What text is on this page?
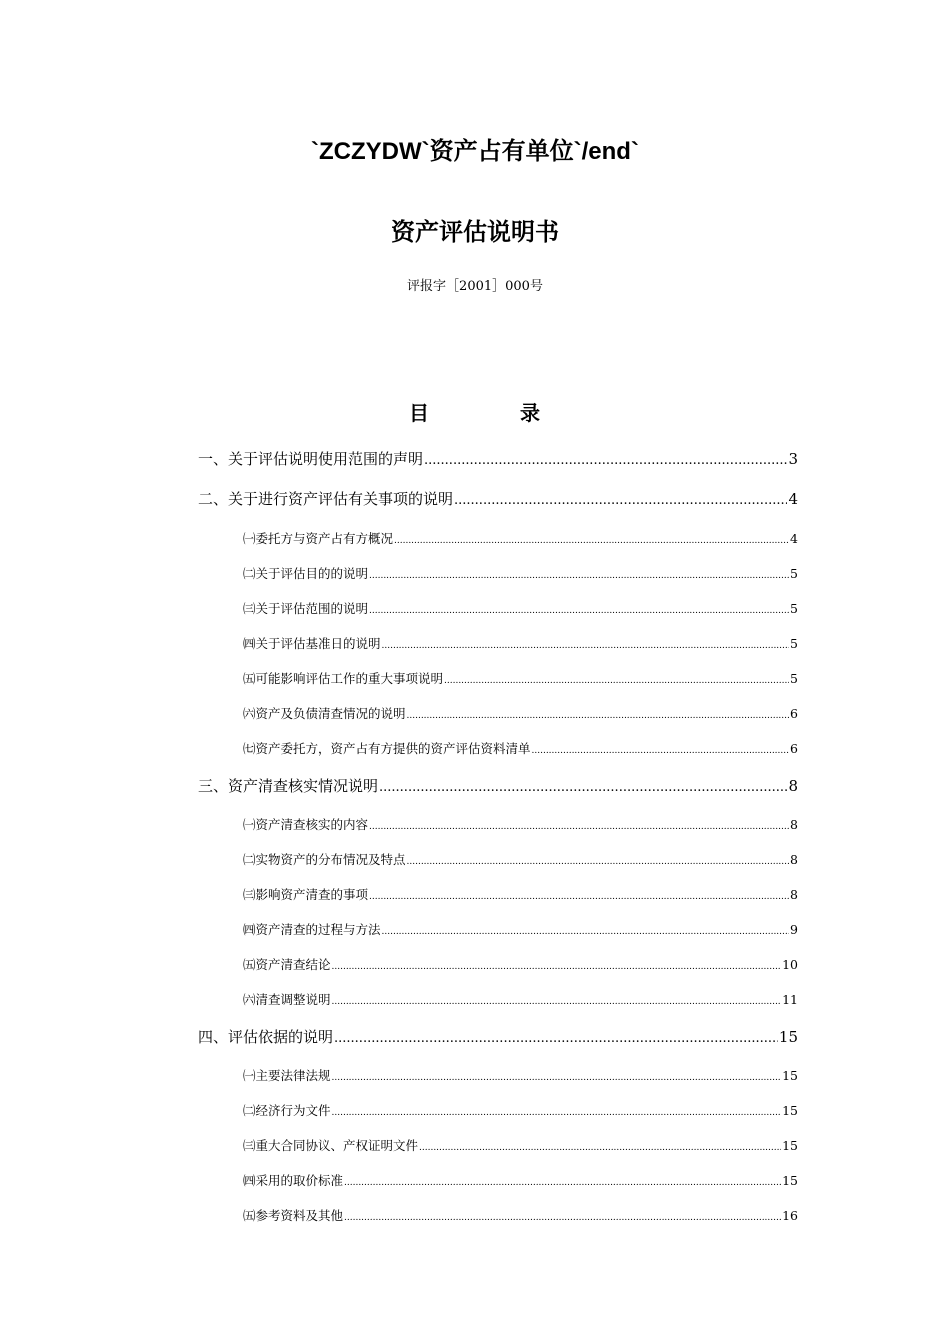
`ZCZYDW`资产占有单位`/end`
资产评估说明书
评报字［2001］000号
目	录
一、关于评估说明使用范围的声明 .....	3
二、关于进行资产评估有关事项的说明 .....	4
㈠委托方与资产占有方概况 .....	4
㈡关于评估目的的说明 .....	5
㈢关于评估范围的说明 .....	5
㈣关于评估基准日的说明 .....	5
㈤可能影响评估工作的重大事项说明 .....	5
㈥资产及负债清查情况的说明 .....	6
㈦资产委托方，资产占有方提供的资产评估资料清单 .....	6
三、资产清查核实情况说明 .....	8
㈠资产清查核实的内容 .....	8
㈡实物资产的分布情况及特点 .....	8
㈢影响资产清查的事项 .....	8
㈣资产清查的过程与方法 .....	9
㈤资产清查结论 .....	10
㈥清查调整说明 .....	11
四、评估依据的说明 .....	15
㈠主要法律法规 .....	15
㈡经济行为文件 .....	15
㈢重大合同协议、产权证明文件 .....	15
㈣采用的取价标准 .....	15
㈤参考资料及其他 .....	16
